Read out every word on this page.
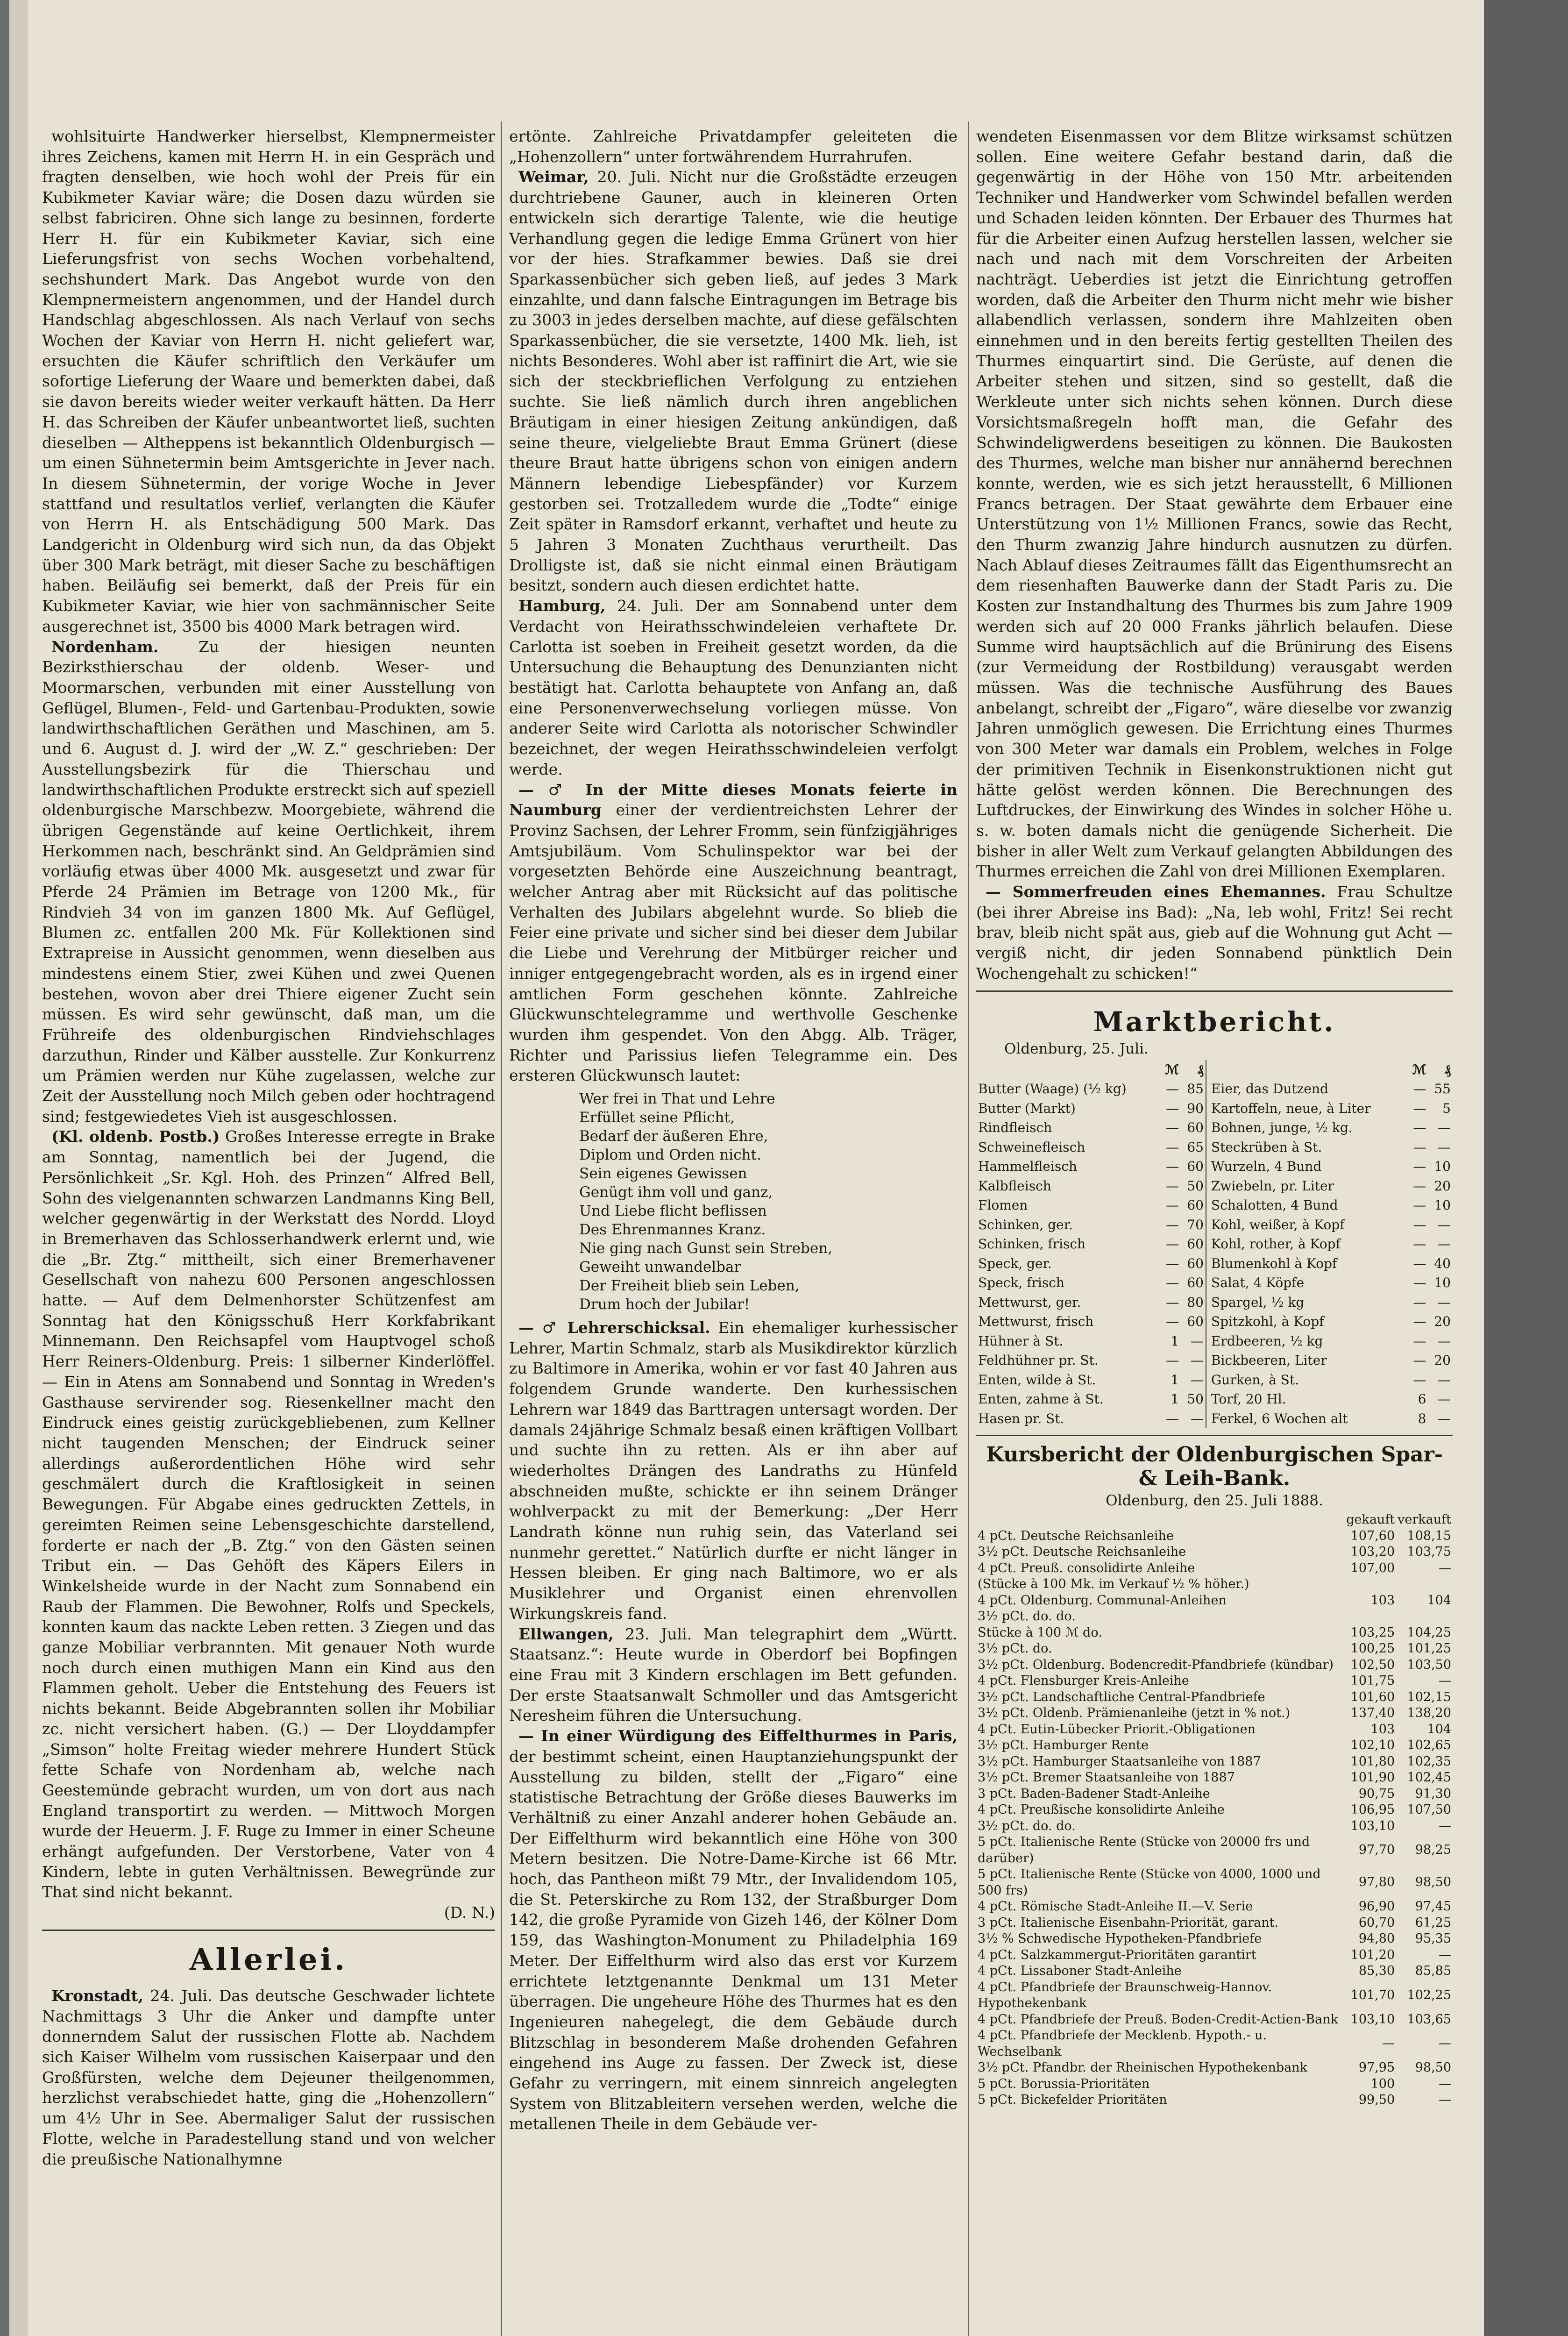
wohlsituirte Handwerker hierselbst, Klempnermeister ihres Zeichens, kamen mit Herrn H. in ein Gespräch und fragten denselben, wie hoch wohl der Preis für ein Kubikmeter Kaviar wäre; die Dosen dazu würden sie selbst fabriciren. Ohne sich lange zu besinnen, forderte Herr H. für ein Kubikmeter Kaviar, sich eine Lieferungsfrist von sechs Wochen vorbehaltend, sechshundert Mark. Das Angebot wurde von den Klempnermeistern angenommen, und der Handel durch Handschlag abgeschlossen. Als nach Verlauf von sechs Wochen der Kaviar von Herrn H. nicht geliefert war, ersuchten die Käufer schriftlich den Verkäufer um sofortige Lieferung der Waare und bemerkten dabei, daß sie davon bereits wieder weiter verkauft hätten. Da Herr H. das Schreiben der Käufer unbeantwortet ließ, suchten dieselben — Altheppens ist bekanntlich Oldenburgisch — um einen Sühnetermin beim Amtsgerichte in Jever nach. In diesem Sühnetermin, der vorige Woche in Jever stattfand und resultatlos verlief, verlangten die Käufer von Herrn H. als Entschädigung 500 Mark. Das Landgericht in Oldenburg wird sich nun, da das Objekt über 300 Mark beträgt, mit dieser Sache zu beschäftigen haben. Beiläufig sei bemerkt, daß der Preis für ein Kubikmeter Kaviar, wie hier von sachmännischer Seite ausgerechnet ist, 3500 bis 4000 Mark betragen wird.

Nordenham.	Zu der hiesigen neunten Bezirksthierschau der oldenb. Weser- und Moormarschen, verbunden mit einer Ausstellung von Geflügel, Blumen-, Feld- und Gartenbau-Produkten, sowie landwirthschaftlichen Geräthen und Maschinen, am 5. und 6. August d. J. wird der „W. Z.“ geschrieben: Der Ausstellungsbezirk für die Thierschau und landwirthschaftlichen Produkte erstreckt sich auf speziell oldenburgische Marschbezw. Moorgebiete, während die übrigen Gegenstände auf keine Oertlichkeit, ihrem Herkommen nach, beschränkt sind. An Geldprämien sind vorläufig etwas über 4000 Mk. ausgesetzt und zwar für Pferde 24 Prämien im Betrage von 1200 Mk., für Rindvieh 34 von im ganzen 1800 Mk. Auf Geflügel, Blumen zc. entfallen 200 Mk. Für Kollektionen sind Extrapreise in Aussicht genommen, wenn dieselben aus mindestens einem Stier, zwei Kühen und zwei Quenen bestehen, wovon aber drei Thiere eigener Zucht sein müssen. Es wird sehr gewünscht, daß man, um die Frühreife des oldenburgischen Rindviehschlages darzuthun, Rinder und Kälber ausstelle. Zur Konkurrenz um Prämien werden nur Kühe zugelassen, welche zur Zeit der Ausstellung noch Milch geben oder hochtragend sind; festgewiedetes Vieh ist ausgeschlossen.

(Kl. oldenb. Postb.) Großes Interesse erregte in Brake am Sonntag, namentlich bei der Jugend, die Persönlichkeit „Sr. Kgl. Hoh. des Prinzen“ Alfred Bell, Sohn des vielgenannten schwarzen Landmanns King Bell, welcher gegenwärtig in der Werkstatt des Nordd. Lloyd in Bremerhaven das Schlosserhandwerk erlernt und, wie die „Br. Ztg.“ mittheilt, sich einer Bremerhavener Gesellschaft von nahezu 600 Personen angeschlossen hatte. — Auf dem Delmenhorster Schützenfest am Sonntag hat den Königsschuß Herr Korkfabrikant Minnemann. Den Reichsapfel vom Hauptvogel schoß Herr Reiners-Oldenburg. Preis: 1 silberner Kinderlöffel. — Ein in Atens am Sonnabend und Sonntag in Wreden's Gasthause servirender sog. Riesenkellner macht den Eindruck eines geistig zurückgebliebenen, zum Kellner nicht taugenden Menschen; der Eindruck seiner allerdings außerordentlichen Höhe wird sehr geschmälert durch die Kraftlosigkeit in seinen Bewegungen. Für Abgabe eines gedruckten Zettels, in gereimten Reimen seine Lebensgeschichte darstellend, forderte er nach der „B. Ztg.“ von den Gästen seinen Tribut ein. — Das Gehöft des Käpers Eilers in Winkelsheide wurde in der Nacht zum Sonnabend ein Raub der Flammen. Die Bewohner, Rolfs und Speckels, konnten kaum das nackte Leben retten. 3 Ziegen und das ganze Mobiliar verbrannten. Mit genauer Noth wurde noch durch einen muthigen Mann ein Kind aus den Flammen geholt. Ueber die Entstehung des Feuers ist nichts bekannt. Beide Abgebrannten sollen ihr Mobiliar zc. nicht versichert haben. (G.) — Der Lloyddampfer „Simson“ holte Freitag wieder mehrere Hundert Stück fette Schafe von Nordenham ab, welche nach Geestemünde gebracht wurden, um von dort aus nach England transportirt zu werden. — Mittwoch Morgen wurde der Heuerm. J. F. Ruge zu Immer in einer Scheune erhängt aufgefunden. Der Verstorbene, Vater von 4 Kindern, lebte in guten Verhältnissen. Bewegründe zur That sind nicht bekannt.

(D. N.)

Allerlei.

Kronstadt, 24. Juli. Das deutsche Geschwader lichtete Nachmittags 3 Uhr die Anker und dampfte unter donnerndem Salut der russischen Flotte ab. Nachdem sich Kaiser Wilhelm vom russischen Kaiserpaar und den Großfürsten, welche dem Dejeuner theilgenommen, herzlichst verabschiedet hatte, ging die „Hohenzollern“ um 4½ Uhr in See. Abermaliger Salut der russischen Flotte, welche in Paradestellung stand und von welcher die preußische Nationalhymne

ertönte. Zahlreiche Privatdampfer geleiteten die „Hohenzollern“ unter fortwährendem Hurrahrufen.

Weimar, 20. Juli. Nicht nur die Großstädte erzeugen durchtriebene Gauner, auch in kleineren Orten entwickeln sich derartige Talente, wie die heutige Verhandlung gegen die ledige Emma Grünert von hier vor der hies. Strafkammer bewies. Daß sie drei Sparkassenbücher sich geben ließ, auf jedes 3 Mark einzahlte, und dann falsche Eintragungen im Betrage bis zu 3003 in jedes derselben machte, auf diese gefälschten Sparkassenbücher, die sie versetzte, 1400 Mk. lieh, ist nichts Besonderes. Wohl aber ist raffinirt die Art, wie sie sich der steckbrieflichen Verfolgung zu entziehen suchte. Sie ließ nämlich durch ihren angeblichen Bräutigam in einer hiesigen Zeitung ankündigen, daß seine theure, vielgeliebte Braut Emma Grünert (diese theure Braut hatte übrigens schon von einigen andern Männern lebendige Liebespfänder) vor Kurzem gestorben sei. Trotzalledem wurde die „Todte“ einige Zeit später in Ramsdorf erkannt, verhaftet und heute zu 5 Jahren 3 Monaten Zuchthaus verurtheilt. Das Drolligste ist, daß sie nicht einmal einen Bräutigam besitzt, sondern auch diesen erdichtet hatte.

Hamburg, 24. Juli. Der am Sonnabend unter dem Verdacht von Heirathsschwindeleien verhaftete Dr. Carlotta ist soeben in Freiheit gesetzt worden, da die Untersuchung die Behauptung des Denunzianten nicht bestätigt hat. Carlotta behauptete von Anfang an, daß eine Personenverwechselung vorliegen müsse. Von anderer Seite wird Carlotta als notorischer Schwindler bezeichnet, der wegen Heirathsschwindeleien verfolgt werde.

— ♂ In der Mitte dieses Monats feierte in Naumburg einer der verdientreichsten Lehrer der Provinz Sachsen, der Lehrer Fromm, sein fünfzigjähriges Amtsjubiläum. Vom Schulinspektor war bei der vorgesetzten Behörde eine Auszeichnung beantragt, welcher Antrag aber mit Rücksicht auf das politische Verhalten des Jubilars abgelehnt wurde. So blieb die Feier eine private und sicher sind bei dieser dem Jubilar die Liebe und Verehrung der Mitbürger reicher und inniger entgegengebracht worden, als es in irgend einer amtlichen Form geschehen könnte. Zahlreiche Glückwunschtelegramme und werthvolle Geschenke wurden ihm gespendet. Von den Abgg. Alb. Träger, Richter und Parissius liefen Telegramme ein. Des ersteren Glückwunsch lautet:

Wer frei in That und Lehre
Erfüllet seine Pflicht,
Bedarf der äußeren Ehre,
Diplom und Orden nicht.
Sein eigenes Gewissen
Genügt ihm voll und ganz,
Und Liebe flicht beflissen
Des Ehrenmannes Kranz.
Nie ging nach Gunst sein Streben,
Geweiht unwandelbar
Der Freiheit blieb sein Leben,
Drum hoch der Jubilar!

— ♂ Lehrerschicksal. Ein ehemaliger kurhessischer Lehrer, Martin Schmalz, starb als Musikdirektor kürzlich zu Baltimore in Amerika, wohin er vor fast 40 Jahren aus folgendem Grunde wanderte. Den kurhessischen Lehrern war 1849 das Barttragen untersagt worden. Der damals 24jährige Schmalz besaß einen kräftigen Vollbart und suchte ihn zu retten. Als er ihn aber auf wiederholtes Drängen des Landraths zu Hünfeld abschneiden mußte, schickte er ihn seinem Dränger wohlverpackt zu mit der Bemerkung: „Der Herr Landrath könne nun ruhig sein, das Vaterland sei nunmehr gerettet.“ Natürlich durfte er nicht länger in Hessen bleiben. Er ging nach Baltimore, wo er als Musiklehrer und Organist einen ehrenvollen Wirkungskreis fand.

Ellwangen, 23. Juli. Man telegraphirt dem „Württ. Staatsanz.“: Heute wurde in Oberdorf bei Bopfingen eine Frau mit 3 Kindern erschlagen im Bett gefunden. Der erste Staatsanwalt Schmoller und das Amtsgericht Neresheim führen die Untersuchung.

— In einer Würdigung des Eiffelthurmes in Paris, der bestimmt scheint, einen Hauptanziehungspunkt der Ausstellung zu bilden, stellt der „Figaro“ eine statistische Betrachtung der Größe dieses Bauwerks im Verhältniß zu einer Anzahl anderer hohen Gebäude an. Der Eiffelthurm wird bekanntlich eine Höhe von 300 Metern besitzen. Die Notre-Dame-Kirche ist 66 Mtr. hoch, das Pantheon mißt 79 Mtr., der Invalidendom 105, die St. Peterskirche zu Rom 132, der Straßburger Dom 142, die große Pyramide von Gizeh 146, der Kölner Dom 159, das Washington-Monument zu Philadelphia 169 Meter. Der Eiffelthurm wird also das erst vor Kurzem errichtete letztgenannte Denkmal um 131 Meter überragen. Die ungeheure Höhe des Thurmes hat es den Ingenieuren nahegelegt, die dem Gebäude durch Blitzschlag in besonderem Maße drohenden Gefahren eingehend ins Auge zu fassen. Der Zweck ist, diese Gefahr zu verringern, mit einem sinnreich angelegten System von Blitzableitern versehen werden, welche die metallenen Theile in dem Gebäude ver-

wendeten Eisenmassen vor dem Blitze wirksamst schützen sollen. Eine weitere Gefahr bestand darin, daß die gegenwärtig in der Höhe von 150 Mtr. arbeitenden Techniker und Handwerker vom Schwindel befallen werden und Schaden leiden könnten. Der Erbauer des Thurmes hat für die Arbeiter einen Aufzug herstellen lassen, welcher sie nach und nach mit dem Vorschreiten der Arbeiten nachträgt. Ueberdies ist jetzt die Einrichtung getroffen worden, daß die Arbeiter den Thurm nicht mehr wie bisher allabendlich verlassen, sondern ihre Mahlzeiten oben einnehmen und in den bereits fertig gestellten Theilen des Thurmes einquartirt sind. Die Gerüste, auf denen die Arbeiter stehen und sitzen, sind so gestellt, daß die Werkleute unter sich nichts sehen können. Durch diese Vorsichtsmaßregeln hofft man, die Gefahr des Schwindeligwerdens beseitigen zu können. Die Baukosten des Thurmes, welche man bisher nur annähernd berechnen konnte, werden, wie es sich jetzt herausstellt, 6 Millionen Francs betragen. Der Staat gewährte dem Erbauer eine Unterstützung von 1½ Millionen Francs, sowie das Recht, den Thurm zwanzig Jahre hindurch ausnutzen zu dürfen. Nach Ablauf dieses Zeitraumes fällt das Eigenthumsrecht an dem riesenhaften Bauwerke dann der Stadt Paris zu. Die Kosten zur Instandhaltung des Thurmes bis zum Jahre 1909 werden sich auf 20 000 Franks jährlich belaufen. Diese Summe wird hauptsächlich auf die Brünirung des Eisens (zur Vermeidung der Rostbildung) verausgabt werden müssen. Was die technische Ausführung des Baues anbelangt, schreibt der „Figaro“, wäre dieselbe vor zwanzig Jahren unmöglich gewesen. Die Errichtung eines Thurmes von 300 Meter war damals ein Problem, welches in Folge der primitiven Technik in Eisenkonstruktionen nicht gut hätte gelöst werden können. Die Berechnungen des Luftdruckes, der Einwirkung des Windes in solcher Höhe u. s. w. boten damals nicht die genügende Sicherheit. Die bisher in aller Welt zum Verkauf gelangten Abbildungen des Thurmes erreichen die Zahl von drei Millionen Exemplaren.

— Sommerfreuden eines Ehemannes. Frau Schultze (bei ihrer Abreise ins Bad): „Na, leb wohl, Fritz! Sei recht brav, bleib nicht spät aus, gieb auf die Wohnung gut Acht — vergiß nicht, dir jeden Sonnabend pünktlich Dein Wochengehalt zu schicken!“

Marktbericht.
Oldenburg, 25. Juli.
	ℳ	₰		ℳ	₰
Butter (Waage) (½ kg)	—	85	Eier, das Dutzend	—	55
Butter (Markt)	—	90	Kartoffeln, neue, à Liter	—	5
Rindfleisch	—	60	Bohnen, junge, ½ kg.	—	—
Schweinefleisch	—	65	Steckrüben à St.	—	—
Hammelfleisch	—	60	Wurzeln, 4 Bund	—	10
Kalbfleisch	—	50	Zwiebeln, pr. Liter	—	20
Flomen	—	60	Schalotten, 4 Bund	—	10
Schinken, ger.	—	70	Kohl, weißer, à Kopf	—	—
Schinken, frisch	—	60	Kohl, rother, à Kopf	—	—
Speck, ger.	—	60	Blumenkohl à Kopf	—	40
Speck, frisch	—	60	Salat, 4 Köpfe	—	10
Mettwurst, ger.	—	80	Spargel, ½ kg	—	—
Mettwurst, frisch	—	60	Spitzkohl, à Kopf	—	20
Hühner à St.	1	—	Erdbeeren, ½ kg	—	—
Feldhühner pr. St.	—	—	Bickbeeren, Liter	—	20
Enten, wilde à St.	1	—	Gurken, à St.	—	—
Enten, zahme à St.	1	50	Torf, 20 Hl.	6	—
Hasen pr. St.	—	—	Ferkel, 6 Wochen alt	8	—
Kursbericht der Oldenburgischen Spar- & Leih-Bank.
Oldenburg, den 25. Juli 1888.
	gekauft	verkauft
4 pCt. Deutsche Reichsanleihe	107,60	108,15
3½ pCt. Deutsche Reichsanleihe	103,20	103,75
4 pCt. Preuß. consolidirte Anleihe	107,00	—
(Stücke à 100 Mk. im Verkauf ½ % höher.)		
4 pCt. Oldenburg. Communal-Anleihen	103	104
3½ pCt. do. do.		
Stücke à 100 ℳ do.	103,25	104,25
3½ pCt. do.	100,25	101,25
3½ pCt. Oldenburg. Bodencredit-Pfandbriefe (kündbar)	102,50	103,50
4 pCt. Flensburger Kreis-Anleihe	101,75	—
3½ pCt. Landschaftliche Central-Pfandbriefe	101,60	102,15
3½ pCt. Oldenb. Prämienanleihe (jetzt in % not.)	137,40	138,20
4 pCt. Eutin-Lübecker Priorit.-Obligationen	103	104
3½ pCt. Hamburger Rente	102,10	102,65
3½ pCt. Hamburger Staatsanleihe von 1887	101,80	102,35
3½ pCt. Bremer Staatsanleihe von 1887	101,90	102,45
3 pCt. Baden-Badener Stadt-Anleihe	90,75	91,30
4 pCt. Preußische konsolidirte Anleihe	106,95	107,50
3½ pCt. do. do.	103,10	—
5 pCt. Italienische Rente (Stücke von 20000 frs und darüber)	97,70	98,25
5 pCt. Italienische Rente (Stücke von 4000, 1000 und 500 frs)	97,80	98,50
4 pCt. Römische Stadt-Anleihe II.—V. Serie	96,90	97,45
3 pCt. Italienische Eisenbahn-Priorität, garant.	60,70	61,25
3½ % Schwedische Hypotheken-Pfandbriefe	94,80	95,35
4 pCt. Salzkammergut-Prioritäten garantirt	101,20	—
4 pCt. Lissaboner Stadt-Anleihe	85,30	85,85
4 pCt. Pfandbriefe der Braunschweig-Hannov. Hypothekenbank	101,70	102,25
4 pCt. Pfandbriefe der Preuß. Boden-Credit-Actien-Bank	103,10	103,65
4 pCt. Pfandbriefe der Mecklenb. Hypoth.- u. Wechselbank	—	—
3½ pCt. Pfandbr. der Rheinischen Hypothekenbank	97,95	98,50
5 pCt. Borussia-Prioritäten	100	—
5 pCt. Bickefelder Prioritäten	99,50	—
